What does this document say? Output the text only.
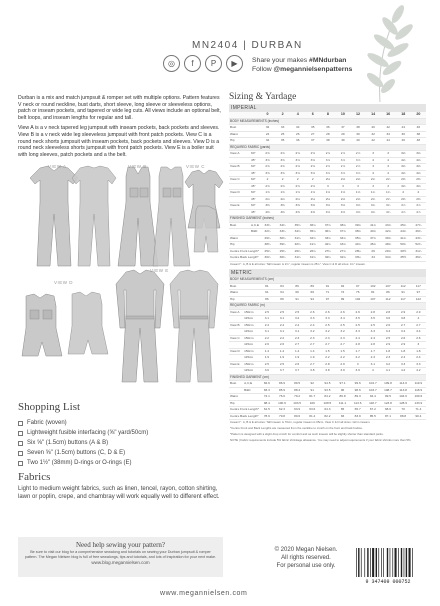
MN2404 | DURBAN
◎	f	P	▶	Share your makes #MNdurban
Follow @megannielsenpatterns

Durban is a mix and match jumpsuit & romper set with multiple options. Pattern features V neck or round neckline, bust darts, short sleeve, long sleeve or sleeveless options, patch or inseam pockets, and tapered or wide leg cuts. All views include an optional belt, belt loops, and inseam lengths for regular and tall.

View A is a v neck tapered leg jumpsuit with inseam pockets, back pockets and sleeves. View B is a v neck wide leg sleeveless jumpsuit with front patch pockets. View C is a round neck shorts jumpsuit with inseam pockets, back pockets and sleeves. View D is a round neck sleeveless shorts jumpsuit with front patch pockets. View E is a boiler suit with long sleeves, patch pockets and a the belt.

VIEW A	VIEW B	VIEW C
VIEW D
VIEW E
Shopping List
Fabric (woven)
Lightweight fusible interfacing (⅝" yard/50cm)
Six ⅝" (1.5cm) buttons (A & B)
Seven ⅝" (1.5cm) buttons (C, D & E)
Two 1½" (38mm) D-rings or O-rings (E)
Fabrics
Light to medium weight fabrics, such as linen, tencel, rayon, cotton shirting, lawn or poplin, crepe, and chambray will work equally well to different effect.
Need help sewing your pattern?
Be sure to visit our blog for a comprehensive sewalong and tutorials on sewing your Durban jumpsuit & romper pattern. The Megan Nielsen blog is full of free sewalongs, tips and tutorials, and lots of inspiration for your next make.
www.blog.megannielsen.com
www.megannielsen.com
Sizing & Yardage
IMPERIAL
		0	2	4	6	8	10	12	14	16	18	20
BODY MEASUREMENTS (inches)												
Bust		32	33	34	35	36	37	38	40	42	44	46
Waist		24	25	26	27	28	29	30	32	34	36	38
Hip		34	35	36	37	38	39	40	42	44	46	48
REQUIRED FABRIC (yards)												
View A	60"	2⅝	2⅝	2⅝	2⅝	2⅞	2⅞	2⅞	3	3	3⅛	3⅛
	45"	3⅝	3⅝	3⅝	3⅝	3⅞	3⅞	3⅞	4	4	4⅛	4⅛
View B	60"	2⅝	2⅝	2⅝	2⅝	2⅞	2⅞	2⅞	3	3	3⅛	3⅛
	45"	3⅝	3⅝	3⅝	3⅝	3⅞	3⅞	3⅞	4	4	4⅛	4⅛
View C	60"	2	2	2	2	2⅛	2⅛	2⅛	2¼	2¼	2⅜	2⅜
	45"	2⅝	2⅝	2⅝	2⅝	3	3	3	3	3	3⅛	3⅛
View D	60"	1⅝	1⅝	1⅝	1⅝	1⅝	1⅝	1⅝	1¾	1¾	2	2
	45"	2⅛	2⅛	2⅛	2⅛	2⅛	2⅛	2⅛	2¼	2¼	2⅜	2⅜
View E	60"	3⅜	3⅜	3⅜	3⅜	3⅝	3⅝	3⅝	3¾	3¾	3⅞	3⅞
	45"	4⅜	4⅜	4⅜	4⅜	4⅝	4⅝	4⅝	4¾	4¾	4⅞	4⅞
FINISHED GARMENT (inches)												
Bust	A,C,E	33¾	34¾	35¾	36¾	37¾	38¾	39¾	41¾	43¾	45¾	47¾
	B&D	32¾	33¾	34¾	35¾	36¾	37¾	38¾	40¾	42¾	44¾	46¾
Waist		29¾	30¾	31¾	32¾	33¾	34¾	35¾	37¾	39¾	41¾	43¾
Hip		38¾	39¾	40¾	41¾	42¾	43¾	44¾	46¾	48¾	50¾	52¾
Centre Front Length*		25¼	25¾	26¼	26¾	27¼	27¾	28¼	29	29¾	30½	31¼
Centre Back Length*		30¼	30¾	31¼	31¾	32¼	32¾	33¼	34	34¾	35½	36¼
Inseam* : A, B & E all sizes: Tall Inseam is 2¾", regular inseam is 25¾". View C & D all sizes: 4¾" inseam.
METRIC
BODY MEASUREMENTS (cm)												
Bust		81	84	86	89	91	94	97	102	107	112	117
Waist		61	64	66	69	71	74	76	81	86	91	97
Hip		86	89	91	94	97	99	102	107	112	117	122
REQUIRED FABRIC (m)												
View A	150cm	2.5	2.5	2.5	2.6	2.6	2.6	2.6	2.8	2.8	2.9	2.9
	115cm	3.1	3.1	3.2	3.3	3.3	3.4	3.5	3.5	3.6	3.8	4
View B	150cm	2.4	2.4	2.4	2.4	2.5	2.5	2.5	2.5	2.6	2.7	2.7
	115cm	3.1	3.1	3.1	3.2	3.2	3.2	3.3	3.3	3.3	3.4	3.4
View C	150cm	2.2	2.2	2.3	2.3	2.3	2.3	2.4	2.4	2.5	2.6	2.6
	115cm	2.6	2.6	2.7	2.7	2.7	2.7	2.8	2.8	2.9	2.9	3
View D	150cm	1.4	1.4	1.4	1.4	1.5	1.5	1.7	1.7	1.8	1.8	1.8
	115cm	1.9	1.9	1.9	1.9	2.2	2.2	2.2	2.3	2.3	2.4	2.4
View E	150cm	2.5	2.5	2.6	2.7	2.8	2.9	3	3.1	3.2	3.3	3.3
	115cm	3.6	3.7	3.7	3.8	3.8	3.9	3.9	4	4.1	4.2	4.2
FINISHED GARMENT (cm)												
Bust	A,C,E	84.6	86.9	89.5	92	94.5	97.1	99.6	104.7	109.8	114.9	119.9
	B&D	83.3	85.9	88.4	91	93.5	96	98.6	103.7	108.7	113.8	118.9
Waist		74.1	76.6	79.2	81.7	84.2	86.8	89.3	94.4	99.5	104.6	109.6
Hip		98.4	100.9	103.5	106	108.5	111.1	113.6	118.7	123.8	128.9	133.9
Centre Front Length*		61.5	62.3	63.9	63.6	64.3	65	65.7	67.2	68.6	70	71.4
Centre Back Length*		78.9	79.8	80.6	81.4	82.2	83	83.9	85.5	87.1	88.8	90.4
Inseam* : A, B & E all sizes: Tall Inseam is 70cm, regular inseam is 65cm. View C & D all sizes: 12cm inseam.
*Centre Front and Back Lengths are measured from the neckline to crotch on the front and back bodice.
*Pattern is designed with a slight drop crotch for comfort and as such inseam will be slightly shorter than standard pants.
NOTE | Fabric requirements include 5% fabric shrinkage allowance. You may need to adjust requirements if your fabric shrinks more than 5%.
© 2020 Megan Nielsen.
All rights reserved.
For personal use only.
9 347409 000752
